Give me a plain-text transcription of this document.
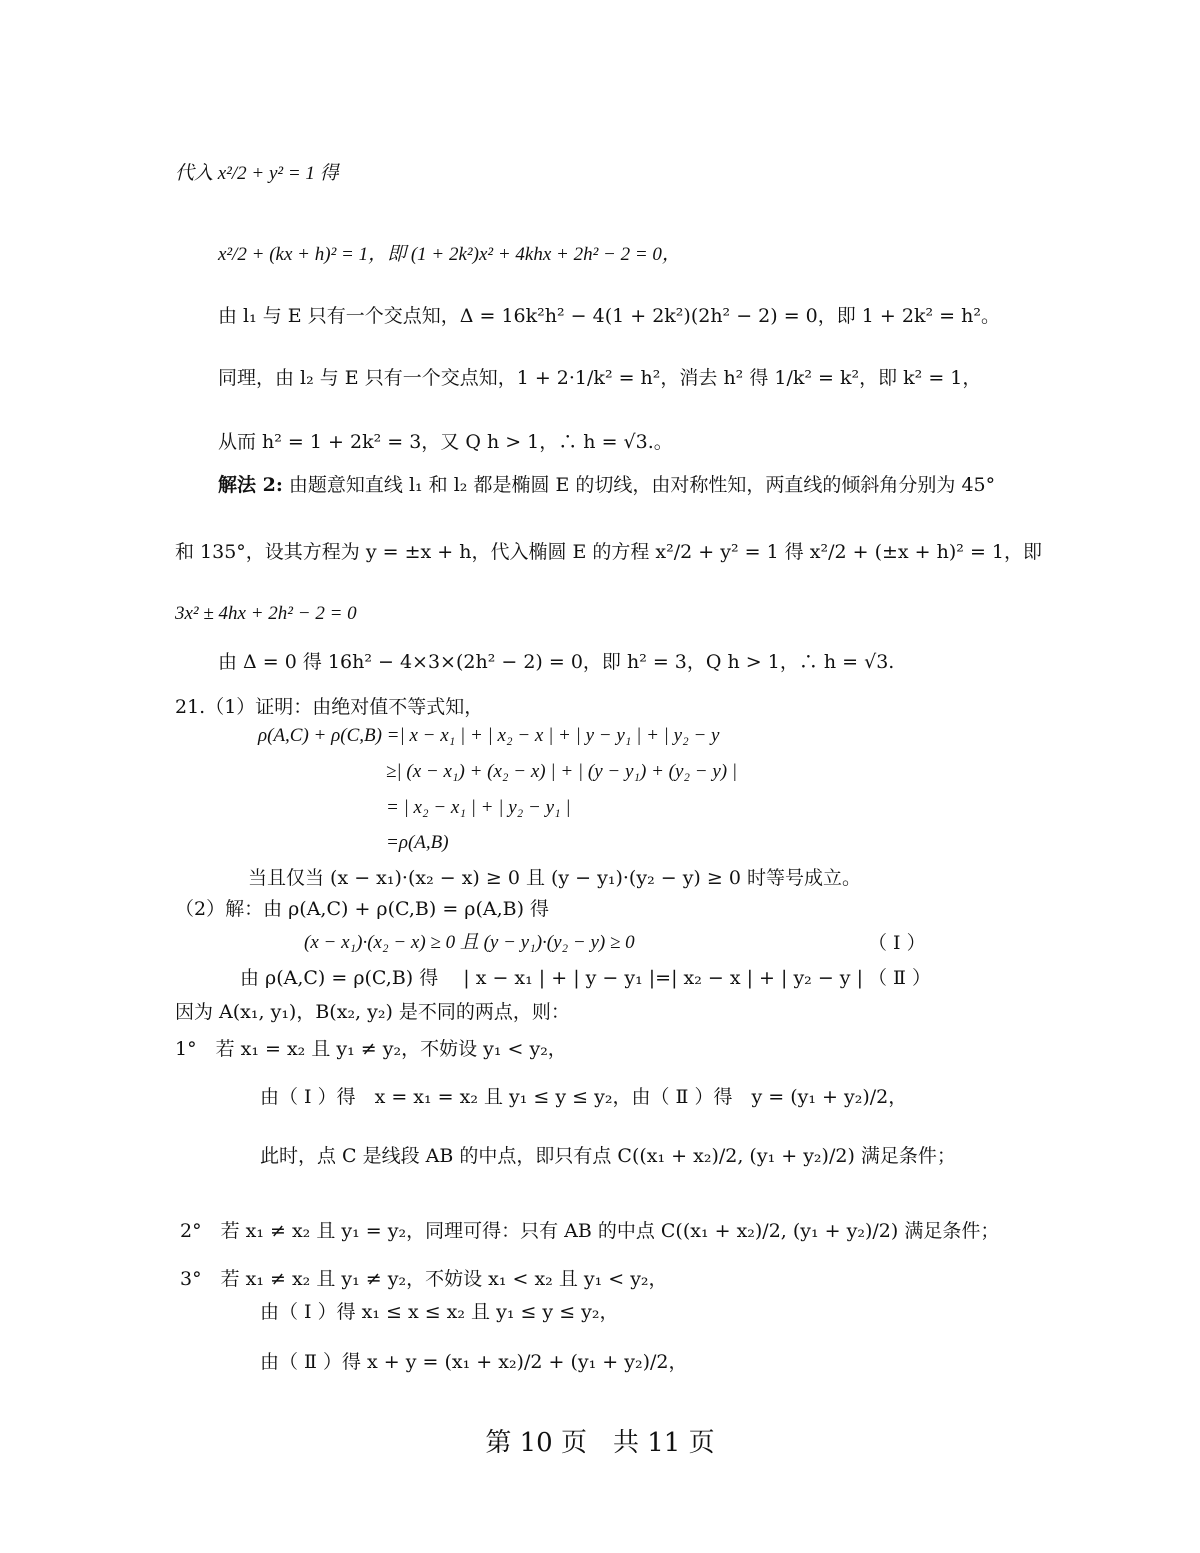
代入 x²/2 + y² = 1 得
x²/2 + (kx + h)² = 1，即 (1 + 2k²)x² + 4khx + 2h² − 2 = 0，
由 l₁ 与 E 只有一个交点知，Δ = 16k²h² − 4(1 + 2k²)(2h² − 2) = 0，即 1 + 2k² = h²。
同理，由 l₂ 与 E 只有一个交点知，1 + 2·1/k² = h²，消去 h² 得 1/k² = k²，即 k² = 1，
从而 h² = 1 + 2k² = 3，又 Q h > 1，∴ h = √3.。
解法 2: 由题意知直线 l₁ 和 l₂ 都是椭圆 E 的切线，由对称性知，两直线的倾斜角分别为 45°
和 135°，设其方程为 y = ±x + h，代入椭圆 E 的方程 x²/2 + y² = 1 得 x²/2 + (±x + h)² = 1，即
3x² ± 4hx + 2h² − 2 = 0
由 Δ = 0 得 16h² − 4×3×(2h² − 2) = 0，即 h² = 3，Q h > 1，∴ h = √3.
21.（1）证明：由绝对值不等式知，
ρ(A,C) + ρ(C,B) =| x − x₁ | + | x₂ − x | + | y − y₁ | + | y₂ − y
≥| (x − x₁) + (x₂ − x) | + | (y − y₁) + (y₂ − y) |
= | x₂ − x₁ | + | y₂ − y₁ |
=ρ(A,B)
当且仅当 (x − x₁)·(x₂ − x) ≥ 0 且 (y − y₁)·(y₂ − y) ≥ 0 时等号成立。
（2）解：由 ρ(A,C) + ρ(C,B) = ρ(A,B) 得
(x − x₁)·(x₂ − x) ≥ 0 且 (y − y₁)·(y₂ − y) ≥ 0	（ Ⅰ ）
由 ρ(A,C) = ρ(C,B) 得　 | x − x₁ | + | y − y₁ |=| x₂ − x | + | y₂ − y | （ Ⅱ ）
因为 A(x₁, y₁)，B(x₂, y₂) 是不同的两点，则：
1°　若 x₁ = x₂ 且 y₁ ≠ y₂，不妨设 y₁ < y₂，
由（ Ⅰ ）得　x = x₁ = x₂ 且 y₁ ≤ y ≤ y₂，由（ Ⅱ ）得　y = (y₁ + y₂)/2，
此时，点 C 是线段 AB 的中点，即只有点 C((x₁ + x₂)/2, (y₁ + y₂)/2) 满足条件；
2°　若 x₁ ≠ x₂ 且 y₁ = y₂，同理可得：只有 AB 的中点 C((x₁ + x₂)/2, (y₁ + y₂)/2) 满足条件；
3°　若 x₁ ≠ x₂ 且 y₁ ≠ y₂，不妨设 x₁ < x₂ 且 y₁ < y₂，
由（ Ⅰ ）得 x₁ ≤ x ≤ x₂ 且 y₁ ≤ y ≤ y₂，
由（ Ⅱ ）得 x + y = (x₁ + x₂)/2 + (y₁ + y₂)/2，
第 10 页　共 11 页
